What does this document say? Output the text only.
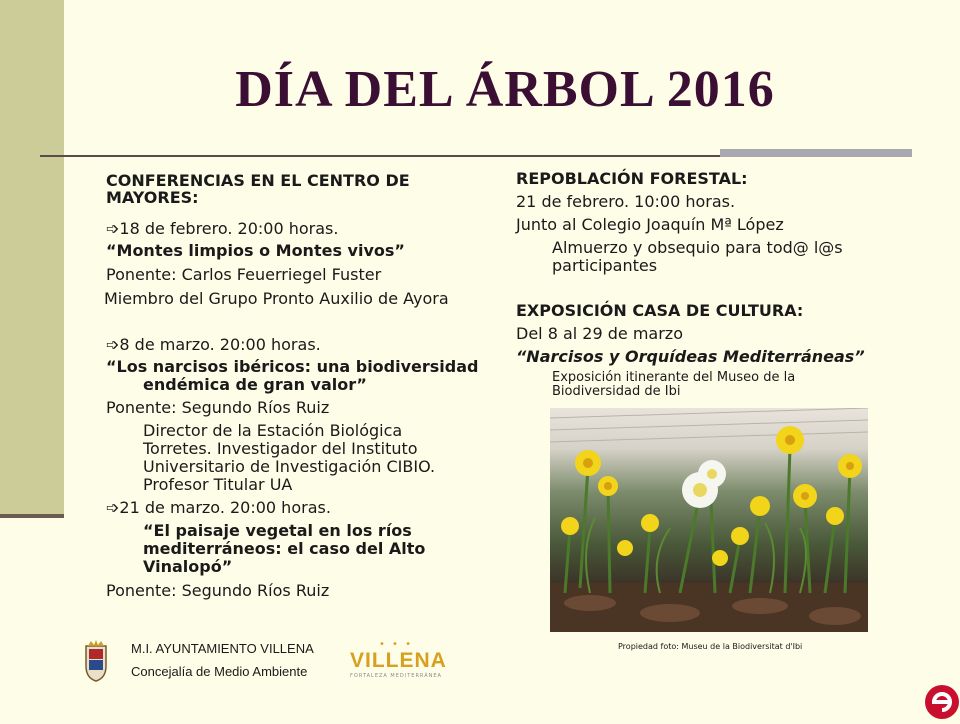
DÍA DEL ÁRBOL 2016
CONFERENCIAS EN EL CENTRO DE
MAYORES:
➩18 de febrero. 20:00 horas.
“Montes limpios o Montes vivos”
Ponente: Carlos Feuerriegel Fuster
Miembro del Grupo Pronto Auxilio de Ayora
➩8 de marzo. 20:00 horas.
“Los narcisos ibéricos: una biodiversidad
endémica de gran valor”
Ponente: Segundo Ríos Ruiz
Director de la Estación Biológica
Torretes. Investigador del Instituto
Universitario de Investigación CIBIO.
Profesor Titular UA
➩21 de marzo. 20:00 horas.
“El paisaje vegetal en los ríos
mediterráneos: el caso del Alto
Vinalopó”
Ponente: Segundo Ríos Ruiz
REPOBLACIÓN FORESTAL:
21 de febrero. 10:00 horas.
Junto al Colegio Joaquín Mª López
Almuerzo y obsequio para tod@ l@s
participantes
EXPOSICIÓN CASA DE CULTURA:
Del 8 al 29 de marzo
“Narcisos y Orquídeas Mediterráneas”
Exposición itinerante del Museo de la
Biodiversidad de Ibi
Propiedad foto: Museu de la Biodiversitat d'Ibi
M.I. AYUNTAMIENTO VILLENA
Concejalía de Medio Ambiente
• • •
VILLENA
FORTALEZA MEDITERRÁNEA
